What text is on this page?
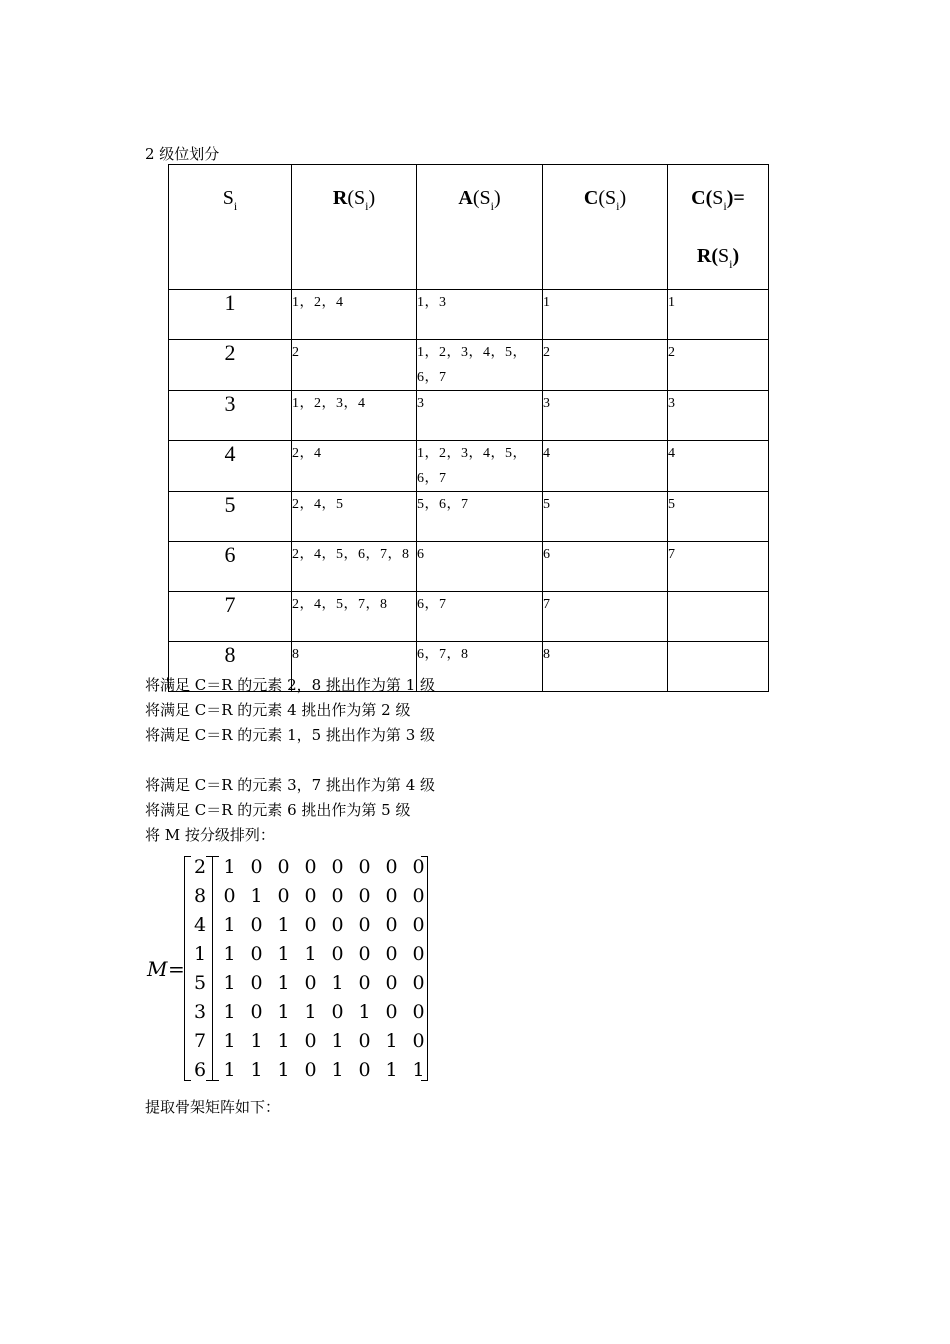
2 级位划分
$S_i$	$R(S_i)$	$A(S_i)$	$C(S_i)$	$C(S_i)=$
$R(S_i)$

1	1，2，4	1，3	1	1
2	2	1，2，3，4，5，6，7	2	2
3	1，2，3，4	3	3	3
4	2，4	1，2，3，4，5，6，7	4	4
5	2，4，5	5，6，7	5	5
6	2，4，5，6，7，8	6	6	7
7	2，4，5，7，8	6，7	7	
8	8	6，7，8	8	
将满足 C＝R 的元素 2，8 挑出作为第 1 级
将满足 C＝R 的元素 4 挑出作为第 2 级
将满足 C＝R 的元素 1，5 挑出作为第 3 级
将满足 C＝R 的元素 3，7 挑出作为第 4 级
将满足 C＝R 的元素 6 挑出作为第 5 级
将 M 按分级排列：
M =
2 1 0 0 0 0 0 0 0
8 0 1 0 0 0 0 0 0
4 1 0 1 0 0 0 0 0
1 1 0 1 1 0 0 0 0
5 1 0 1 0 1 0 0 0
3 1 0 1 1 0 1 0 0
7 1 1 1 0 1 0 1 0
6 1 1 1 0 1 0 1 1
提取骨架矩阵如下：
